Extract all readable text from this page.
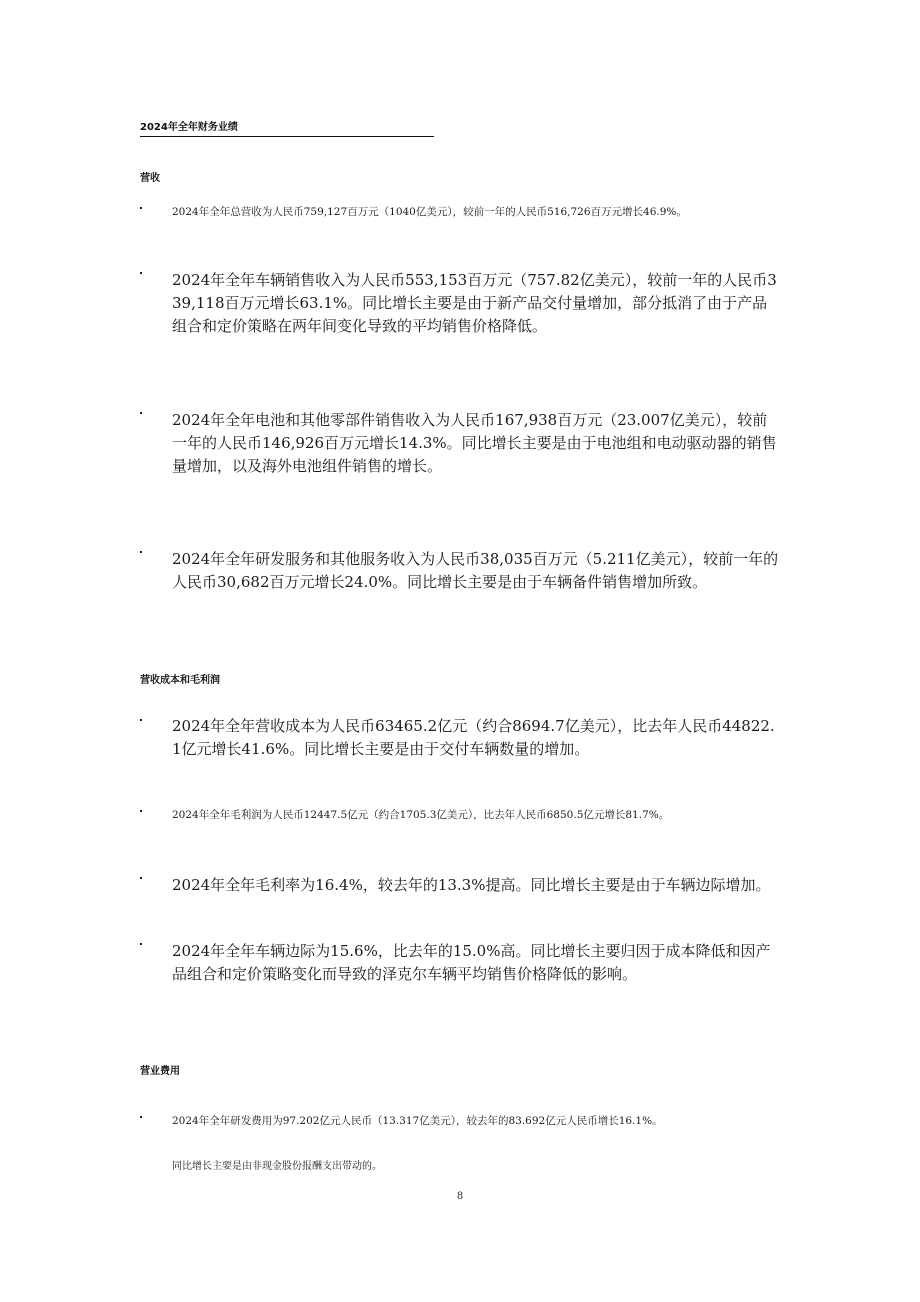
2024年全年财务业绩
营收

2024年全年总营收为人民币759,127百万元（1040亿美元），较前一年的人民币516,726百万元增长46.9%。

2024年全年车辆销售收入为人民币553,153百万元（757.82亿美元），较前一年的人民币339,118百万元增长63.1%。同比增长主要是由于新产品交付量增加，部分抵消了由于产品组合和定价策略在两年间变化导致的平均销售价格降低。

2024年全年电池和其他零部件销售收入为人民币167,938百万元（23.007亿美元），较前一年的人民币146,926百万元增长14.3%。同比增长主要是由于电池组和电动驱动器的销售量增加，以及海外电池组件销售的增长。

2024年全年研发服务和其他服务收入为人民币38,035百万元（5.211亿美元），较前一年的人民币30,682百万元增长24.0%。同比增长主要是由于车辆备件销售增加所致。

营收成本和毛利润

2024年全年营收成本为人民币63465.2亿元（约合8694.7亿美元），比去年人民币44822.1亿元增长41.6%。同比增长主要是由于交付车辆数量的增加。

2024年全年毛利润为人民币12447.5亿元（约合1705.3亿美元），比去年人民币6850.5亿元增长81.7%。

2024年全年毛利率为16.4%，较去年的13.3%提高。同比增长主要是由于车辆边际增加。

2024年全年车辆边际为15.6%，比去年的15.0%高。同比增长主要归因于成本降低和因产品组合和定价策略变化而导致的泽克尔车辆平均销售价格降低的影响。

营业费用

2024年全年研发费用为97.202亿元人民币（13.317亿美元），较去年的83.692亿元人民币增长16.1%。

同比增长主要是由非现金股份报酬支出带动的。

8
